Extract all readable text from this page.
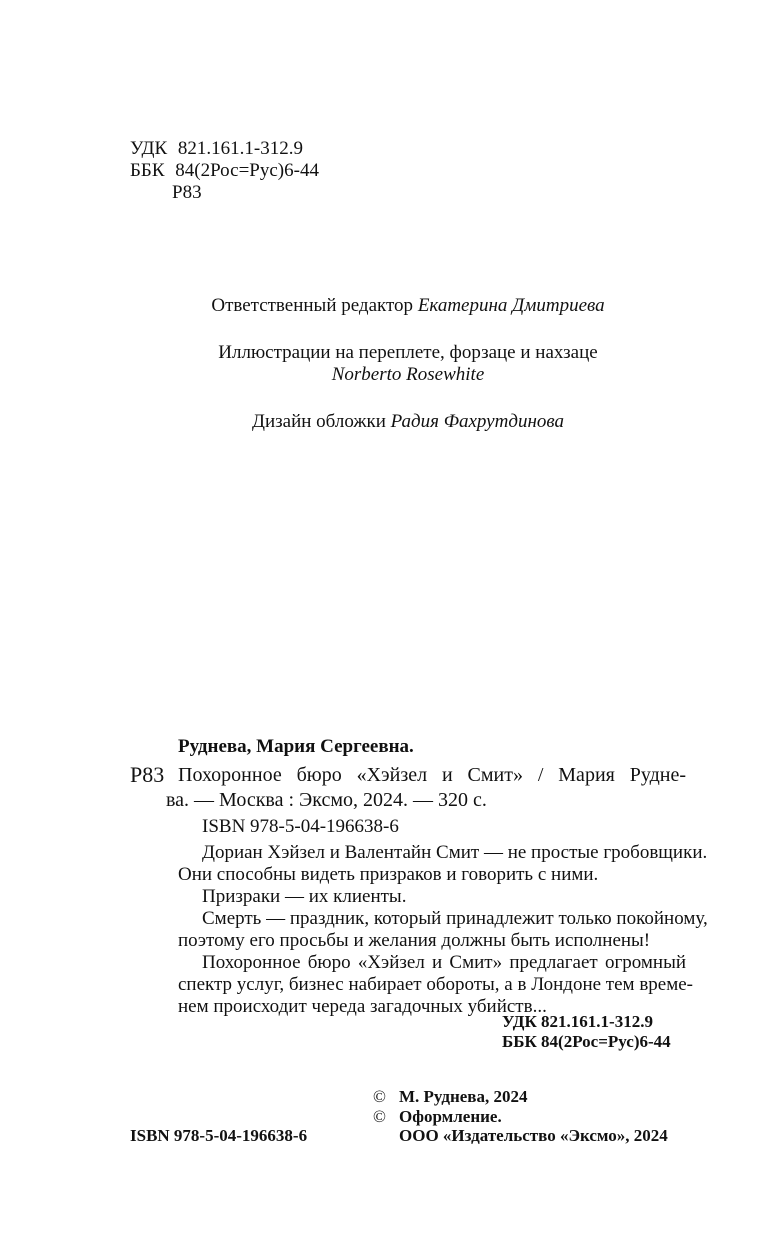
УДК 821.161.1-312.9
ББК 84(2Рос=Рус)6-44
Р83
Ответственный редактор Екатерина Дмитриева
Иллюстрации на переплете, форзаце и нахзаце
Norberto Rosewhite
Дизайн обложки Радия Фахрутдинова
Руднева, Мария Сергеевна.
Р83 Похоронное бюро «Хэйзел и Смит» / Мария Рудне-
ва. — Москва : Эксмо, 2024. — 320 с.
ISBN 978-5-04-196638-6
Дориан Хэйзел и Валентайн Смит — не простые гробовщики.
Они способны видеть призраков и говорить с ними.
Призраки — их клиенты.
Смерть — праздник, который принадлежит только покойному,
поэтому его просьбы и желания должны быть исполнены!
Похоронное бюро «Хэйзел и Смит» предлагает огромный
спектр услуг, бизнес набирает обороты, а в Лондоне тем време-
нем происходит череда загадочных убийств...
УДК 821.161.1-312.9
ББК 84(2Рос=Рус)6-44
© М. Руднева, 2024
© Оформление.
ISBN 978-5-04-196638-6	ООО «Издательство «Эксмо», 2024
